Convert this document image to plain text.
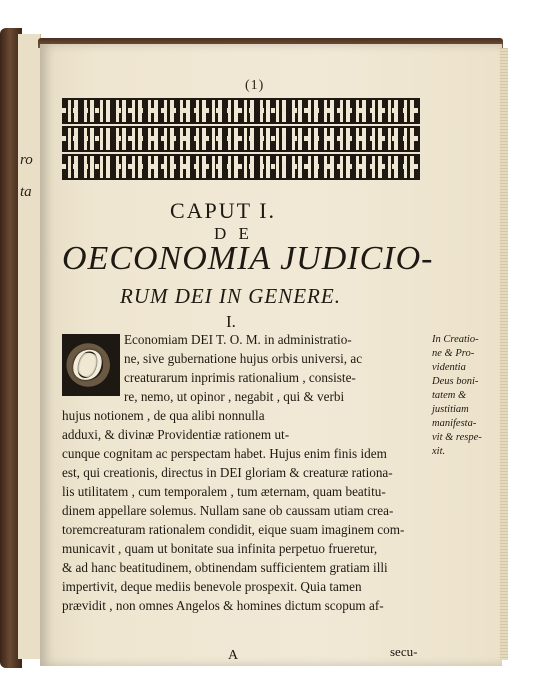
ro
ta
(1)
CAPUT I.
D E
OECONOMIA JUDICIO-
RUM DEI IN GENERE.
I.
O
Economiam DEI T. O. M. in administratio-
ne, sive gubernatione hujus orbis universi, ac
creaturarum inprimis rationalium , consiste-
re, nemo, ut opinor , negabit , qui & verbi
hujus notionem , de qua alibi nonnulla
adduxi, & divinæ Providentiæ rationem ut-
cunque cognitam ac perspectam habet. Hujus enim finis idem
est, qui creationis, directus in DEI gloriam & creaturæ rationa-
lis utilitatem , cum temporalem , tum æternam, quam beatitu-
dinem appellare solemus. Nullam sane ob caussam utiam crea-
toremcreaturam rationalem condidit, eique suam imaginem com-
municavit , quam ut bonitate sua infinita perpetuo frueretur,
& ad hanc beatitudinem, obtinendam sufficientem gratiam illi
impertivit, deque mediis benevole prospexit. Quia tamen
prævidit , non omnes Angelos & homines dictum scopum af-
In Creatio-
ne & Pro-
videntia
Deus boni-
tatem &
justitiam
manifesta-
vit & respe-
xit.
A	secu-
